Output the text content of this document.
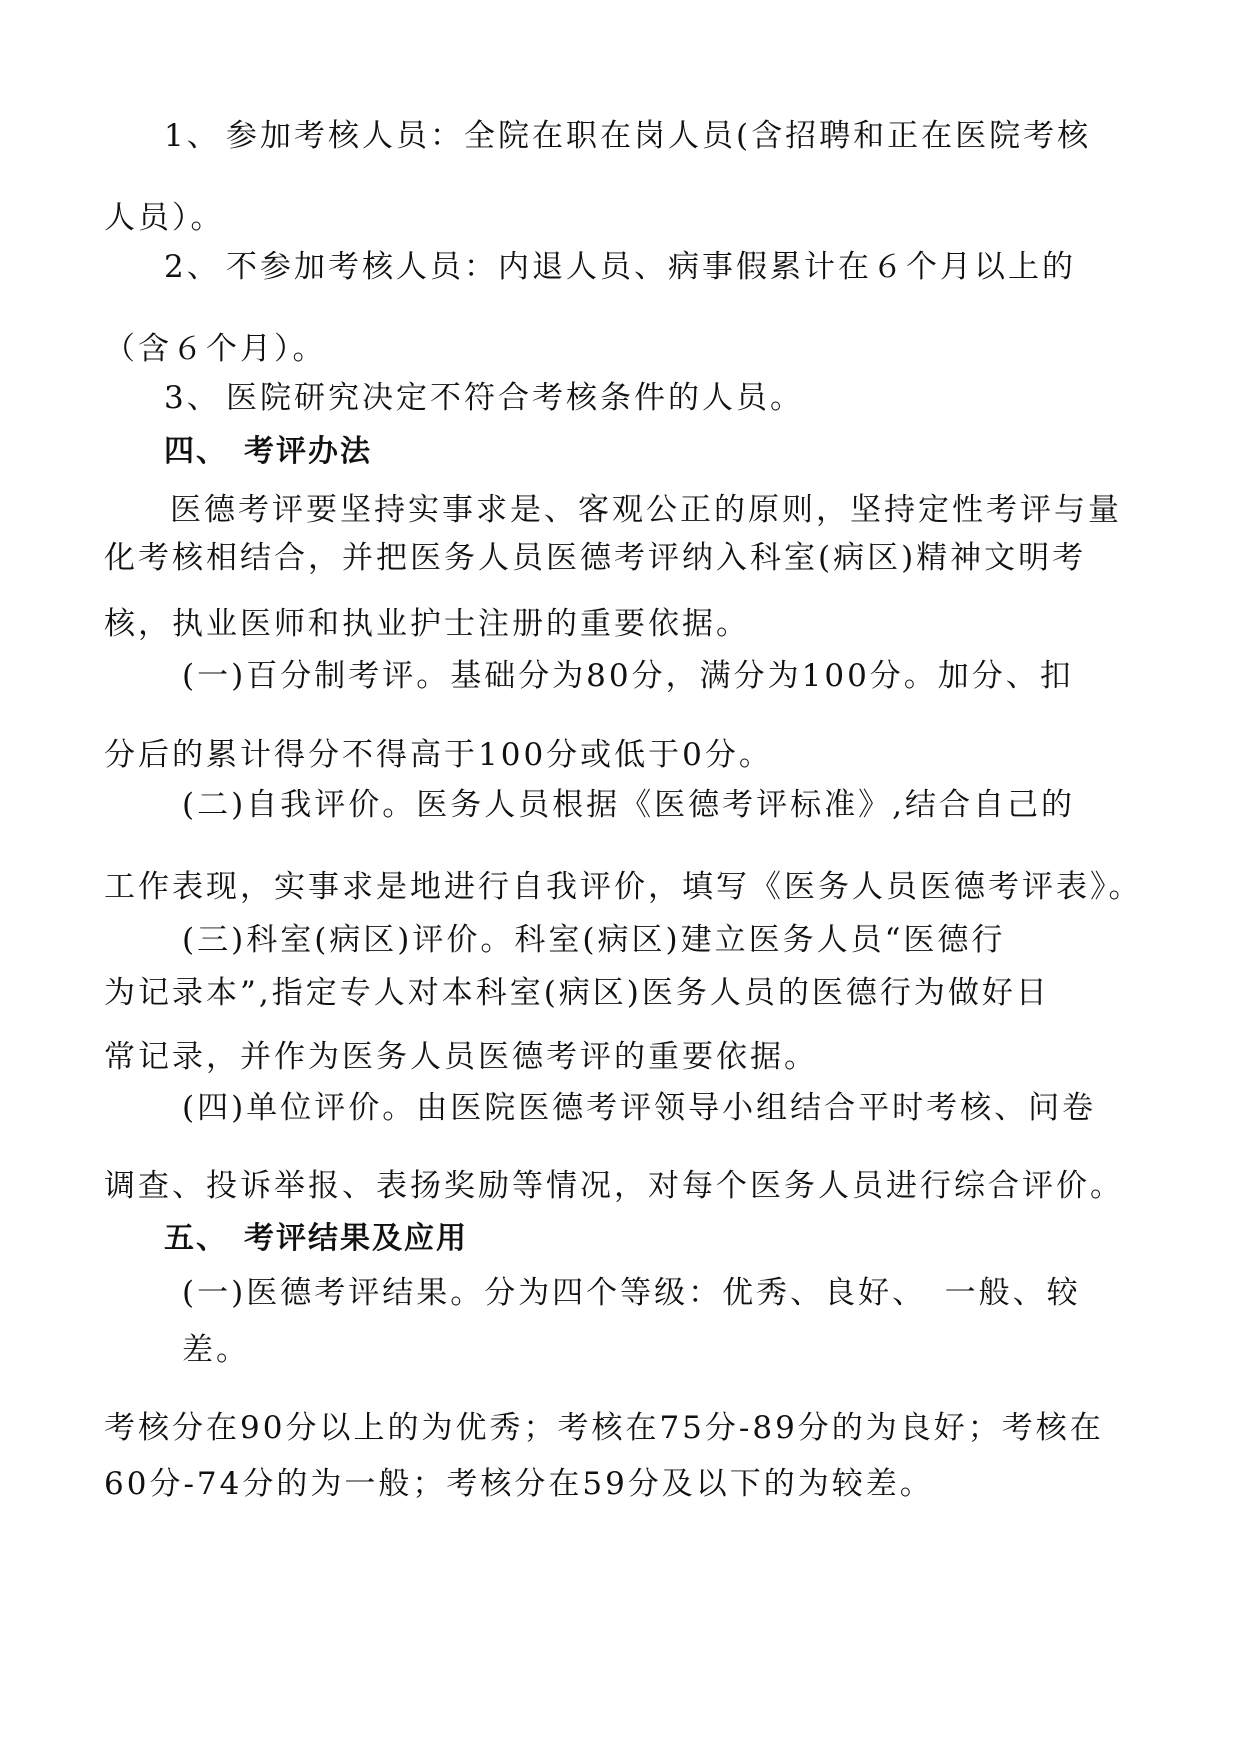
1、 参加考核人员：全院在职在岗人员(含招聘和正在医院考核
人员）。
2、 不参加考核人员：内退人员、病事假累计在６个月以上的
（含６个月）。
3、 医院研究决定不符合考核条件的人员。
四、 考评办法
医德考评要坚持实事求是、客观公正的原则，坚持定性考评与量
化考核相结合，并把医务人员医德考评纳入科室(病区)精神文明考
核，执业医师和执业护士注册的重要依据。
(一)百分制考评。基础分为80分，满分为100分。加分、扣
分后的累计得分不得高于100分或低于0分。
(二)自我评价。医务人员根据《医德考评标准》,结合自己的
工作表现，实事求是地进行自我评价，填写《医务人员医德考评表》。
(三)科室(病区)评价。科室(病区)建立医务人员“医德行
为记录本”,指定专人对本科室(病区)医务人员的医德行为做好日
常记录，并作为医务人员医德考评的重要依据。
(四)单位评价。由医院医德考评领导小组结合平时考核、问卷
调查、投诉举报、表扬奖励等情况，对每个医务人员进行综合评价。
五、 考评结果及应用
(一)医德考评结果。分为四个等级：优秀、良好、　一般、较
差。
考核分在90分以上的为优秀；考核在75分-89分的为良好；考核在
60分-74分的为一般；考核分在59分及以下的为较差。
